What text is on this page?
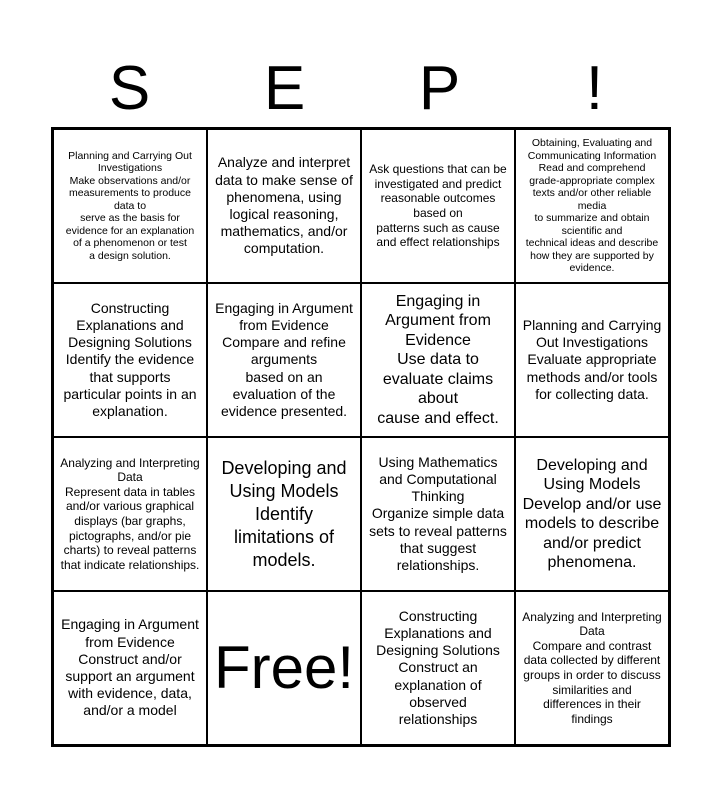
S	E	P	!
Planning and Carrying Out Investigations
Make observations and/or measurements to produce data to
serve as the basis for evidence for an explanation of a phenomenon or test
a design solution.
Analyze and interpret data to make sense of phenomena, using logical reasoning, mathematics, and/or computation.
Ask questions that can be
investigated and predict
reasonable outcomes based on
patterns such as cause and effect relationships
Obtaining, Evaluating and Communicating Information
Read and comprehend grade-appropriate complex texts and/or other reliable media
to summarize and obtain scientific and
technical ideas and describe how they are supported by evidence.
Constructing Explanations and Designing Solutions
Identify the evidence that supports particular points in an explanation.
Engaging in Argument from Evidence
Compare and refine arguments
based on an evaluation of the evidence presented.
Engaging in Argument from Evidence
Use data to evaluate claims about
cause and effect.
Planning and Carrying Out Investigations
Evaluate appropriate methods and/or tools for collecting data.
Analyzing and Interpreting Data
Represent data in tables and/or various graphical displays (bar graphs, pictographs, and/or pie charts) to reveal patterns that indicate relationships.
Developing and Using Models
Identify limitations of models.
Using Mathematics and Computational Thinking
Organize simple data sets to reveal patterns that suggest relationships.
Developing and Using Models
Develop and/or use models to describe and/or predict phenomena.
Engaging in Argument from Evidence
Construct and/or support an argument with evidence, data, and/or a model
Free!
Constructing Explanations and Designing Solutions
Construct an explanation of observed relationships
Analyzing and Interpreting Data
Compare and contrast data collected by different groups in order to discuss similarities and differences in their findings
